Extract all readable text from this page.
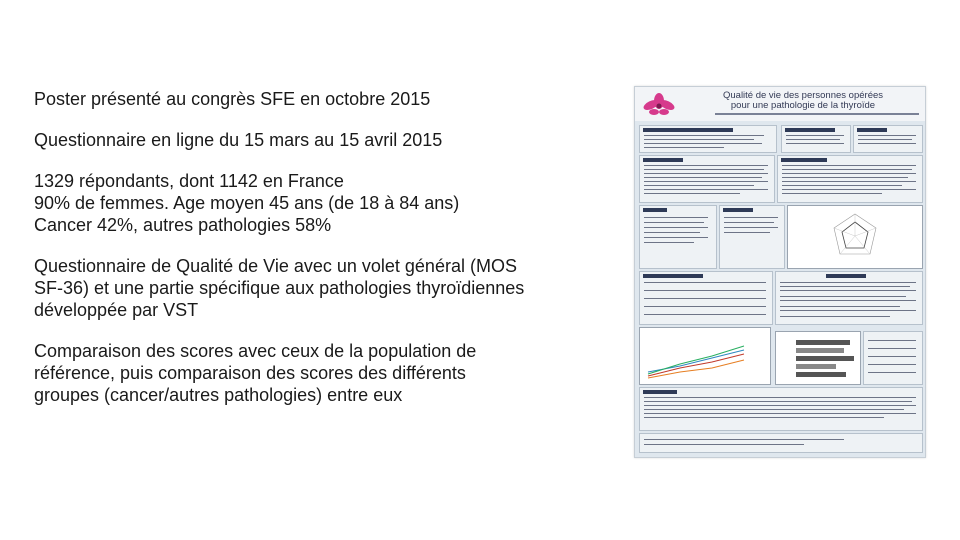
Poster présenté au congrès SFE en octobre 2015

Questionnaire en ligne du 15 mars au 15 avril 2015

1329 répondants, dont 1142 en France
90% de femmes. Age moyen 45 ans (de 18 à 84 ans)
Cancer 42%, autres pathologies 58%

Questionnaire de Qualité de Vie avec un volet général (MOS
SF-36) et une partie spécifique aux pathologies thyroïdiennes
développée par VST

Comparaison des scores avec ceux de la population de
référence, puis comparaison des scores des différents
groupes (cancer/autres pathologies) entre eux

Qualité de vie des personnes opérées
pour une pathologie de la thyroïde
